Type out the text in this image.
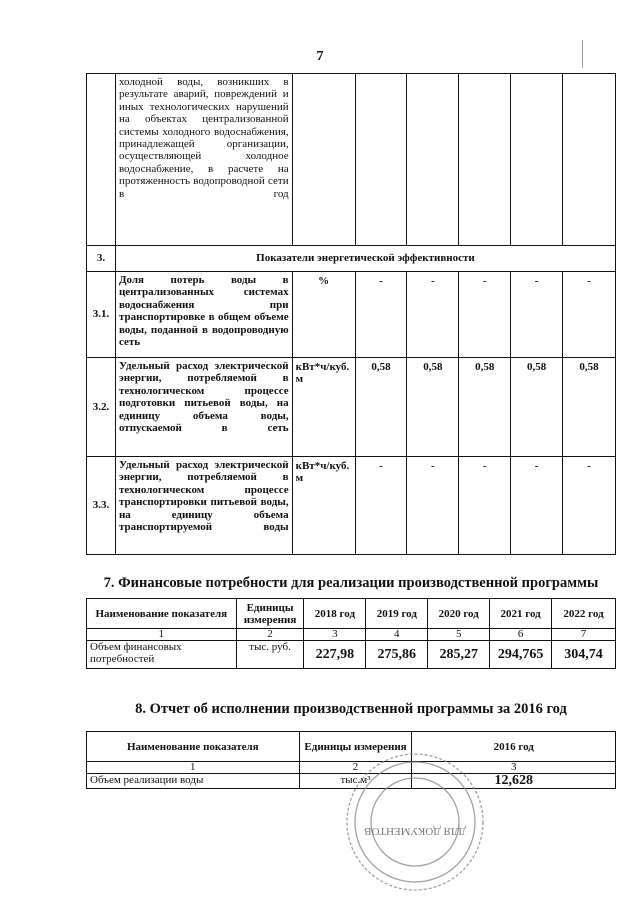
7
	холодной воды, возникших в результате аварий, повреждений и иных технологических нарушений на объектах централизованной системы холодного водоснабжения, принадлежащей организации, осуществляющей холодное водоснабжение, в расчете на протяженность водопроводной сети в год						
3.	Показатели энергетической эффективности						
3.1.	Доля потерь воды в централизованных системах водоснабжения при транспортировке в общем объеме воды, поданной в водопроводную сеть	%	-	-	-	-	-
3.2.	Удельный расход электрической энергии, потребляемой в технологическом процессе подготовки питьевой воды, на единицу объема воды, отпускаемой в сеть	кВт*ч/куб. м	0,58	0,58	0,58	0,58	0,58
3.3.	Удельный расход электрической энергии, потребляемой в технологическом процессе транспортировки питьевой воды, на единицу объема транспортируемой воды	кВт*ч/куб. м	-	-	-	-	-
7. Финансовые потребности для реализации производственной программы
Наименование показателя	Единицы измерения	2018 год	2019 год	2020 год	2021 год	2022 год
1	2	3	4	5	6	7
Объем финансовых потребностей	тыс. руб.	227,98	275,86	285,27	294,765	304,74
8. Отчет об исполнении производственной программы за 2016 год
Наименование показателя	Единицы измерения	2016 год
1	2	3
Объем реализации воды	тыс.м³	12,628
ДЛЯ ДОКУМЕНТОВ
